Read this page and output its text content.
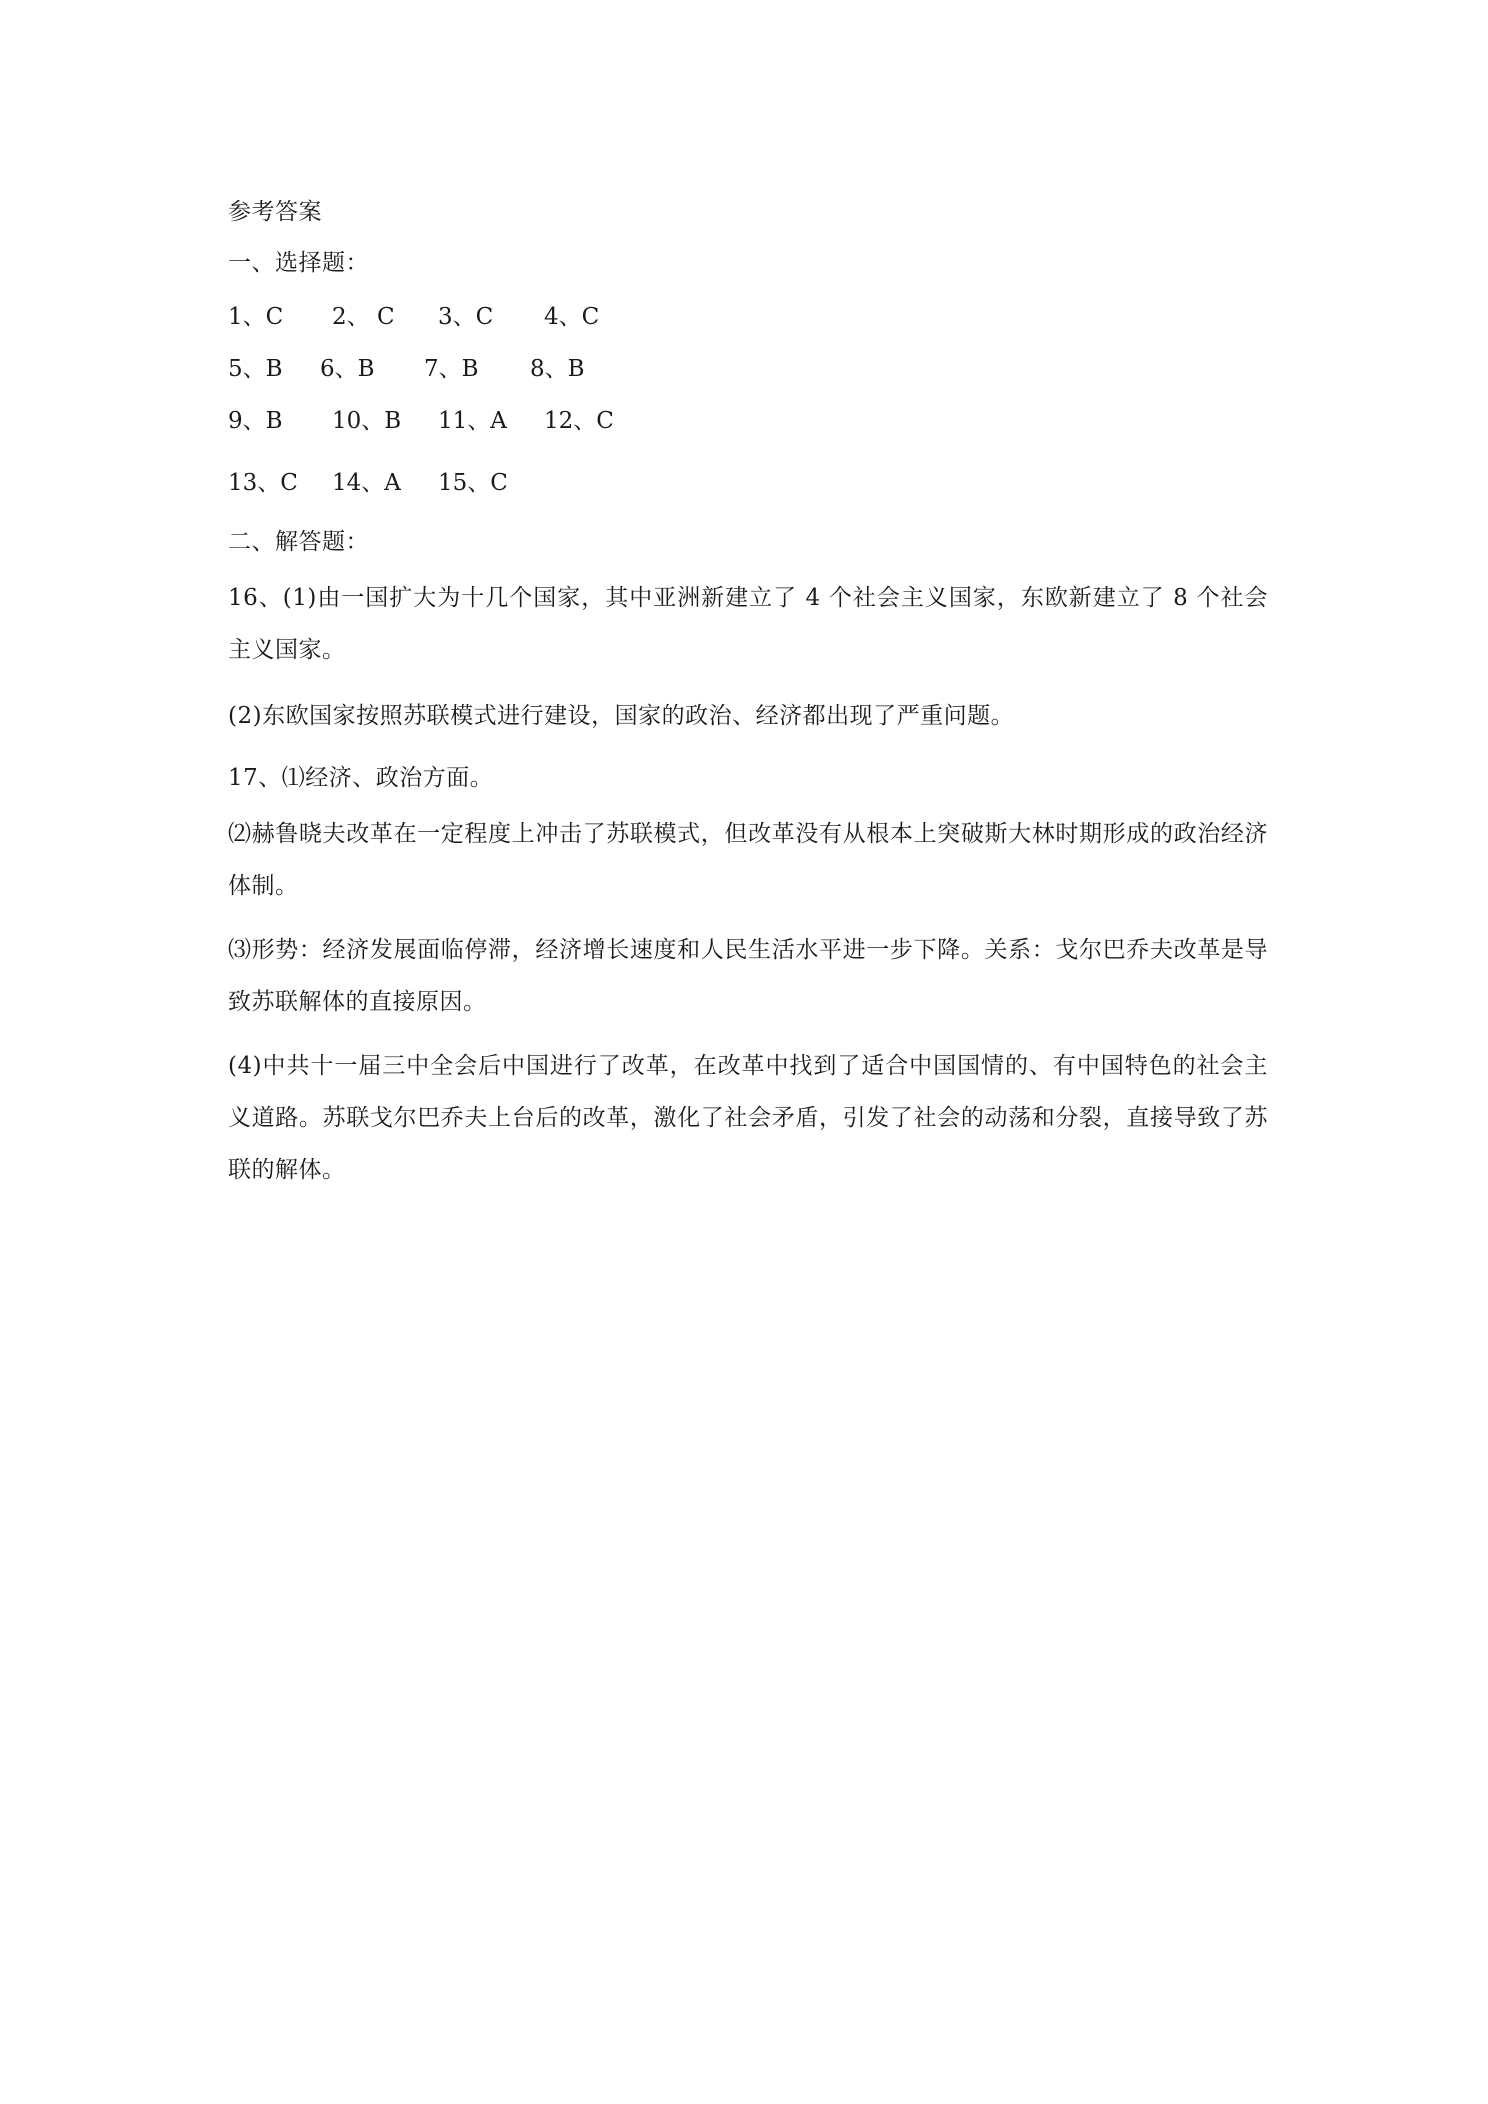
参考答案
一、选择题：
1、C 2、 C 3、C 4、C
5、B 6、B 7、B 8、B
9、B 10、B 11、A 12、C
13、C 14、A 15、C
二、解答题：
16、(1)由一国扩大为十几个国家，其中亚洲新建立了 4 个社会主义国家，东欧新建立了 8 个社会主义国家。
(2)东欧国家按照苏联模式进行建设，国家的政治、经济都出现了严重问题。
17、⑴经济、政治方面。
⑵赫鲁晓夫改革在一定程度上冲击了苏联模式，但改革没有从根本上突破斯大林时期形成的政治经济体制。
⑶形势：经济发展面临停滞，经济增长速度和人民生活水平进一步下降。关系：戈尔巴乔夫改革是导致苏联解体的直接原因。
(4)中共十一届三中全会后中国进行了改革，在改革中找到了适合中国国情的、有中国特色的社会主义道路。苏联戈尔巴乔夫上台后的改革，激化了社会矛盾，引发了社会的动荡和分裂，直接导致了苏联的解体。
